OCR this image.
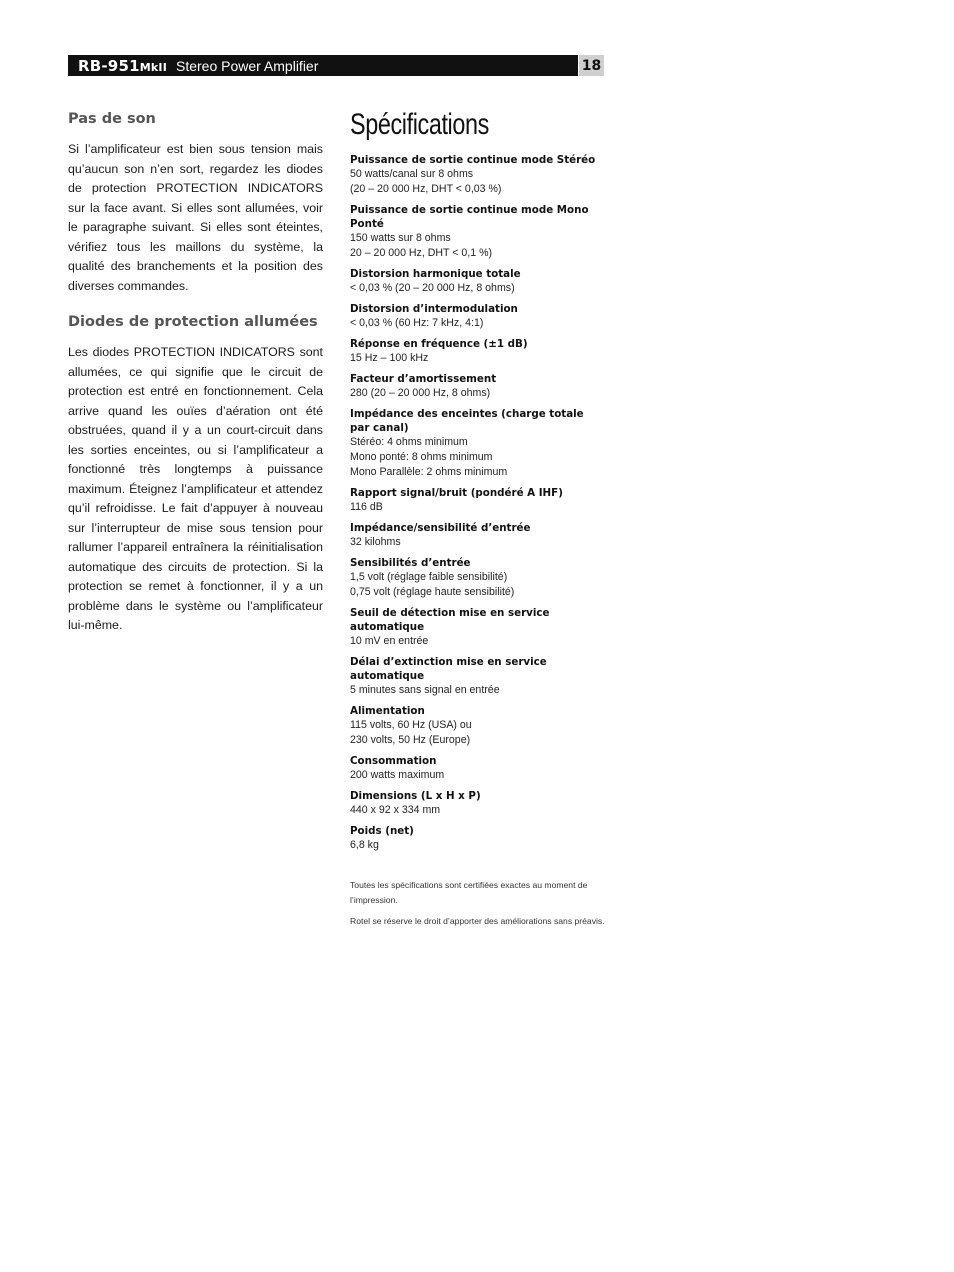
RB-951MkII Stereo Power Amplifier	18
Pas de son

Si l’amplificateur est bien sous tension mais qu’aucun son n’en sort, regardez les diodes de protection PROTECTION INDICATORS sur la face avant. Si elles sont allumées, voir le paragraphe suivant. Si elles sont éteintes, vérifiez tous les maillons du système, la qualité des branchements et la position des diverses commandes.

Diodes de protection allumées

Les diodes PROTECTION INDICATORS sont allumées, ce qui signifie que le circuit de protection est entré en fonctionnement. Cela arrive quand les ouïes d’aération ont été obstruées, quand il y a un court-circuit dans les sorties enceintes, ou si l’amplificateur a fonctionné très longtemps à puissance maximum. Éteignez l’amplificateur et attendez qu’il refroidisse. Le fait d’appuyer à nouveau sur l’interrupteur de mise sous tension pour rallumer l’appareil entraînera la réinitialisation automatique des circuits de protection. Si la protection se remet à fonctionner, il y a un problème dans le système ou l’amplificateur lui-même.

Spécifications
Puissance de sortie continue mode Stéréo
50 watts/canal sur 8 ohms
(20 – 20 000 Hz, DHT < 0,03 %)
Puissance de sortie continue mode Mono Ponté
150 watts sur 8 ohms
20 – 20 000 Hz, DHT < 0,1 %)
Distorsion harmonique totale
< 0,03 % (20 – 20 000 Hz, 8 ohms)
Distorsion d’intermodulation
< 0,03 % (60 Hz: 7 kHz, 4:1)
Réponse en fréquence (±1 dB)
15 Hz – 100 kHz
Facteur d’amortissement
280 (20 – 20 000 Hz, 8 ohms)
Impédance des enceintes (charge totale par canal)
Stéréo: 4 ohms minimum
Mono ponté: 8 ohms minimum
Mono Parallèle: 2 ohms minimum
Rapport signal/bruit (pondéré A IHF)
116 dB
Impédance/sensibilité d’entrée
32 kilohms
Sensibilités d’entrée
1,5 volt (réglage faible sensibilité)
0,75 volt (réglage haute sensibilité)
Seuil de détection mise en service automatique
10 mV en entrée
Délai d’extinction mise en service automatique
5 minutes sans signal en entrée
Alimentation
115 volts, 60 Hz (USA) ou
230 volts, 50 Hz (Europe)
Consommation
200 watts maximum
Dimensions (L x H x P)
440 x 92 x 334 mm
Poids (net)
6,8 kg
Toutes les spécifications sont certifiées exactes au moment de l’impression.
Rotel se réserve le droit d’apporter des améliorations sans préavis.
